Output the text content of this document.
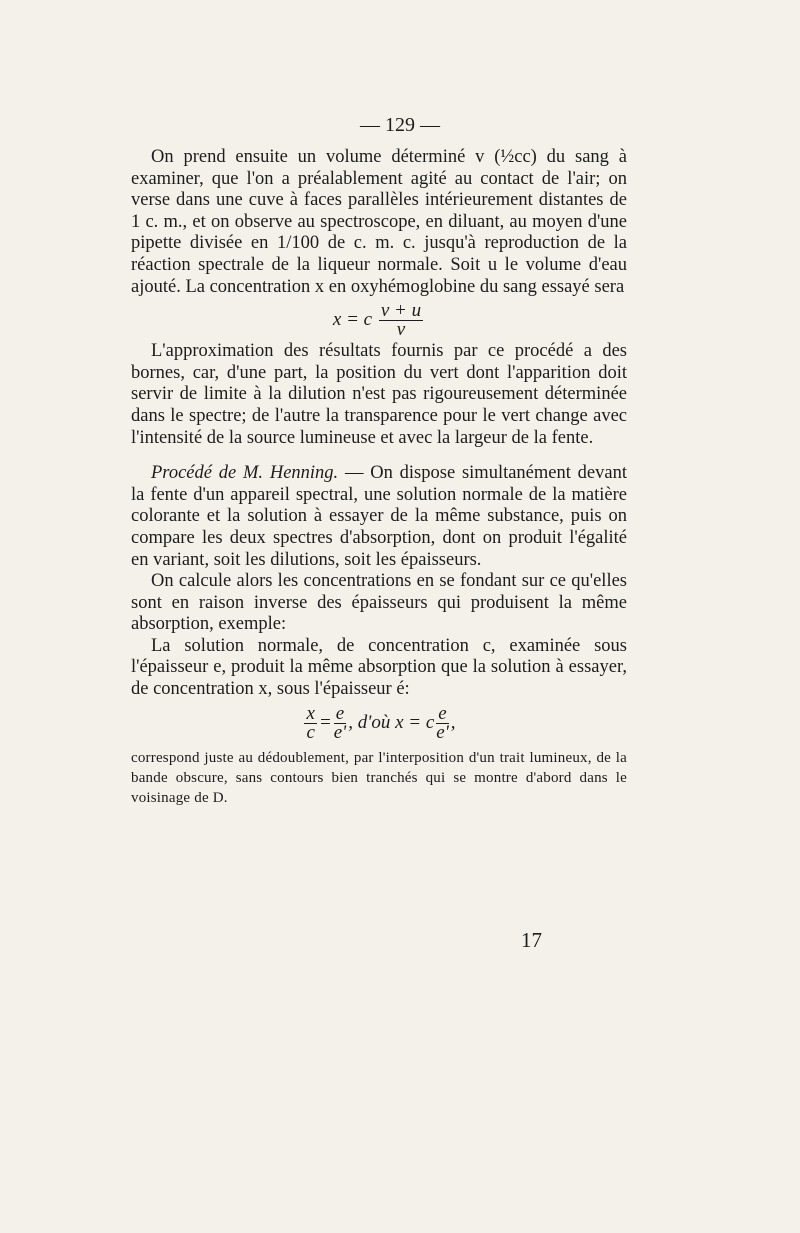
— 129 —

On prend ensuite un volume déterminé v (½cc) du sang à examiner, que l'on a préalablement agité au contact de l'air; on verse dans une cuve à faces parallèles intérieurement distantes de 1 c. m., et on observe au spectroscope, en diluant, au moyen d'une pipette divisée en 1/100 de c. m. c. jusqu'à reproduction de la réaction spectrale de la liqueur normale. Soit u le volume d'eau ajouté. La concentration x en oxyhémoglobine du sang essayé sera

x = c $\frac{v + u}{v}$

L'approximation des résultats fournis par ce procédé a des bornes, car, d'une part, la position du vert dont l'apparition doit servir de limite à la dilution n'est pas rigoureusement déterminée dans le spectre; de l'autre la transparence pour le vert change avec l'intensité de la source lumineuse et avec la largeur de la fente.

Procédé de M. Henning. — On dispose simultanément devant la fente d'un appareil spectral, une solution normale de la matière colorante et la solution à essayer de la même substance, puis on compare les deux spectres d'absorption, dont on produit l'égalité en variant, soit les dilutions, soit les épaisseurs.

On calcule alors les concentrations en se fondant sur ce qu'elles sont en raison inverse des épaisseurs qui produisent la même absorption, exemple:

La solution normale, de concentration c, examinée sous l'épaisseur e, produit la même absorption que la solution à essayer, de concentration x, sous l'épaisseur é:

$\frac{x}{c} = \frac{e}{e'}$ , d'où x = c $\frac{e}{e'}$ ,

correspond juste au dédoublement, par l'interposition d'un trait lumineux, de la bande obscure, sans contours bien tranchés qui se montre d'abord dans le voisinage de D.

17
